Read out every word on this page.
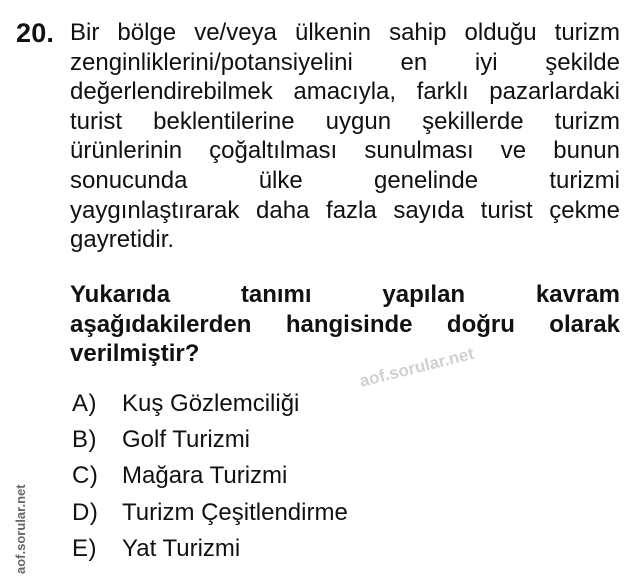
20. Bir bölge ve/veya ülkenin sahip olduğu turizm
zenginliklerini/potansiyelini en iyi şekilde
değerlendirebilmek amacıyla, farklı pazarlardaki
turist beklentilerine uygun şekillerde turizm
ürünlerinin çoğaltılması sunulması ve bunun
sonucunda ülke genelinde turizmi
yaygınlaştırarak daha fazla sayıda turist çekme
gayretidir.
Yukarıda tanımı yapılan kavram
aşağıdakilerden hangisinde doğru olarak
verilmiştir?
A)	Kuş Gözlemciliği
B)	Golf Turizmi
C) Mağara Turizmi
D) Turizm Çeşitlendirme
E)	Yat Turizmi
aof.sorular.net
aof.sorular.net
